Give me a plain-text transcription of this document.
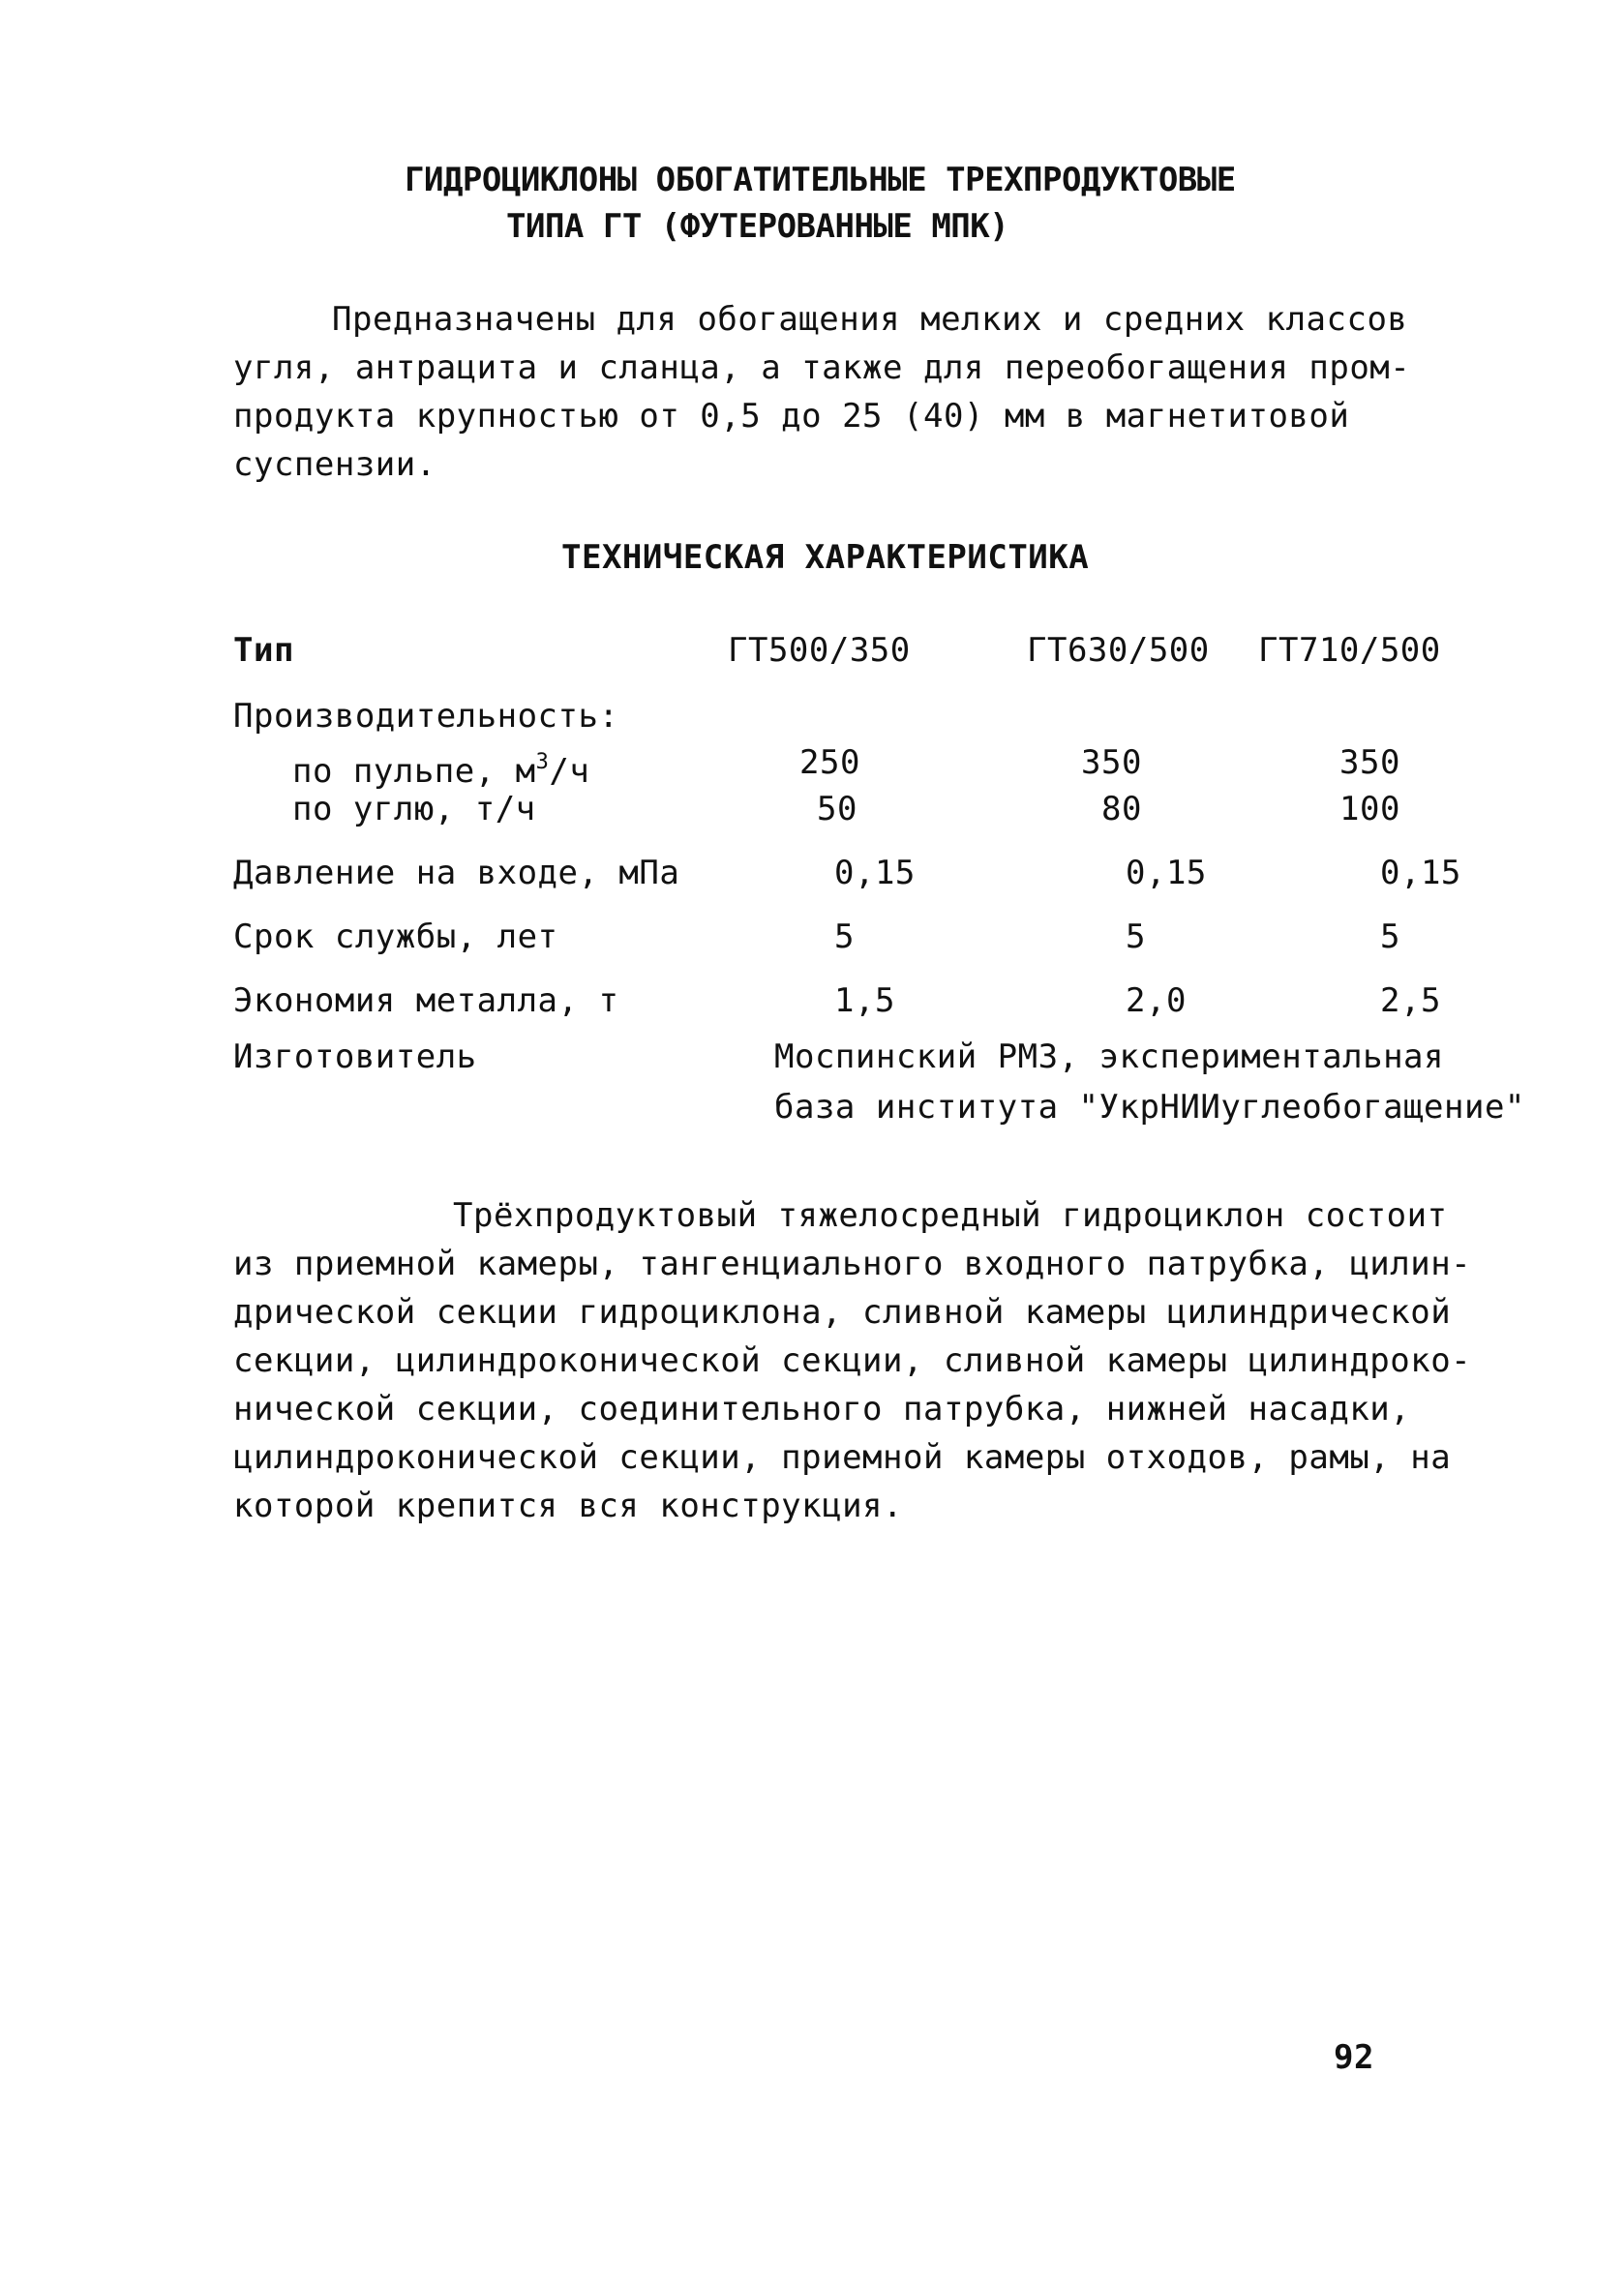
ГИДРОЦИКЛОНЫ ОБОГАТИТЕЛЬНЫЕ ТРЕХПРОДУКТОВЫЕ
ТИПА ГТ (ФУТЕРОВАННЫЕ МПК)
Предназначены для обогащения мелких и средних классов
угля, антрацита и сланца, а также для переобогащения пром-
продукта крупностью от 0,5 до 25 (40) мм в магнетитовой
суспензии.
ТЕХНИЧЕСКАЯ ХАРАКТЕРИСТИКА
Тип	ГТ500/350	ГТ630/500 ГТ710/500
Производительность:
по пульпе, $м^3/ч$	250	350	350
по углю, т/ч	50	80	100
Давление на входе, мПа	0,15	0,15	0,15
Срок службы, лет	5	5	5
Экономия металла, т	1,5	2,0	2,5
Изготовитель	Моспинский РМЗ, экспериментальная
база института "УкрНИИуглеобогащение"
Трёхпродуктовый тяжелосредный гидроциклон состоит
из приемной камеры, тангенциального входного патрубка, цилин-
дрической секции гидроциклона, сливной камеры цилиндрической
секции, цилиндроконической секции, сливной камеры цилиндроко-
нической секции, соединительного патрубка, нижней насадки,
цилиндроконической секции, приемной камеры отходов, рамы, на
которой крепится вся конструкция.
92
